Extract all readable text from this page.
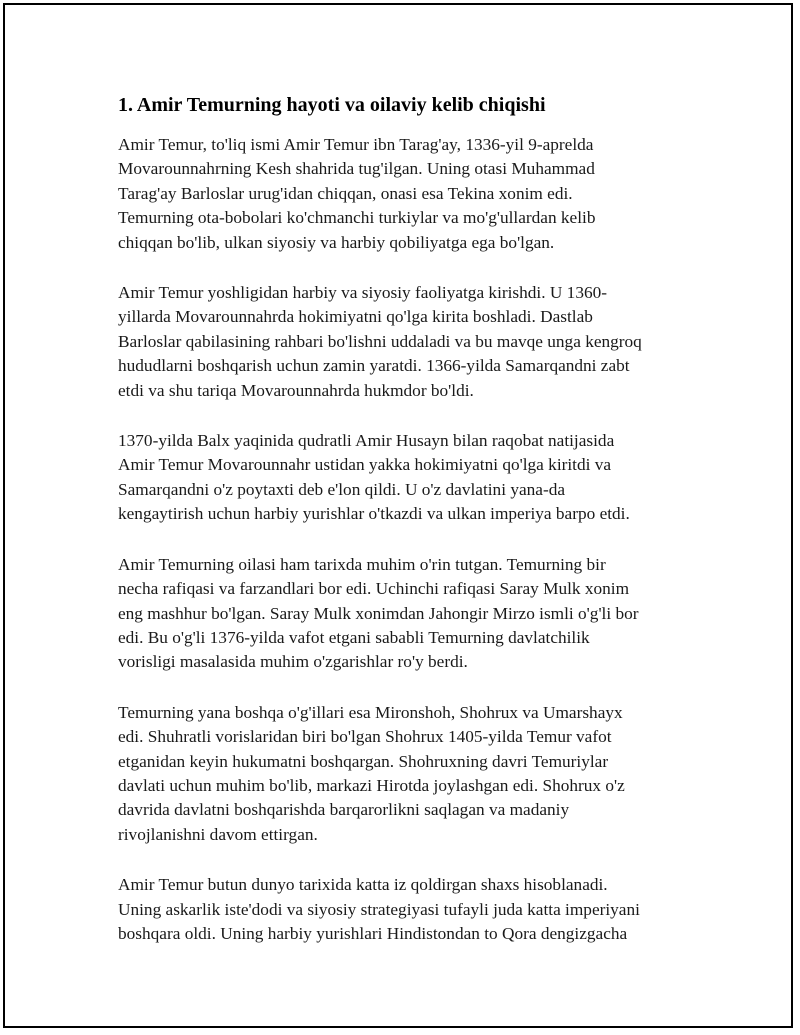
1. Amir Temurning hayoti va oilaviy kelib chiqishi

Amir Temur, to'liq ismi Amir Temur ibn Tarag'ay, 1336-yil 9-aprelda
Movarounnahrning Kesh shahrida tug'ilgan. Uning otasi Muhammad
Tarag'ay Barloslar urug'idan chiqqan, onasi esa Tekina xonim edi.
Temurning ota-bobolari ko'chmanchi turkiylar va mo'g'ullardan kelib
chiqqan bo'lib, ulkan siyosiy va harbiy qobiliyatga ega bo'lgan.

Amir Temur yoshligidan harbiy va siyosiy faoliyatga kirishdi. U 1360-
yillarda Movarounnahrda hokimiyatni qo'lga kirita boshladi. Dastlab
Barloslar qabilasining rahbari bo'lishni uddaladi va bu mavqe unga kengroq
hududlarni boshqarish uchun zamin yaratdi. 1366-yilda Samarqandni zabt
etdi va shu tariqa Movarounnahrda hukmdor bo'ldi.

1370-yilda Balx yaqinida qudratli Amir Husayn bilan raqobat natijasida
Amir Temur Movarounnahr ustidan yakka hokimiyatni qo'lga kiritdi va
Samarqandni o'z poytaxti deb e'lon qildi. U o'z davlatini yana-da
kengaytirish uchun harbiy yurishlar o'tkazdi va ulkan imperiya barpo etdi.

Amir Temurning oilasi ham tarixda muhim o'rin tutgan. Temurning bir
necha rafiqasi va farzandlari bor edi. Uchinchi rafiqasi Saray Mulk xonim
eng mashhur bo'lgan. Saray Mulk xonimdan Jahongir Mirzo ismli o'g'li bor
edi. Bu o'g'li 1376-yilda vafot etgani sababli Temurning davlatchilik
vorisligi masalasida muhim o'zgarishlar ro'y berdi.

Temurning yana boshqa o'g'illari esa Mironshoh, Shohrux va Umarshayx
edi. Shuhratli vorislaridan biri bo'lgan Shohrux 1405-yilda Temur vafot
etganidan keyin hukumatni boshqargan. Shohruxning davri Temuriylar
davlati uchun muhim bo'lib, markazi Hirotda joylashgan edi. Shohrux o'z
davrida davlatni boshqarishda barqarorlikni saqlagan va madaniy
rivojlanishni davom ettirgan.

Amir Temur butun dunyo tarixida katta iz qoldirgan shaxs hisoblanadi.
Uning askarlik iste'dodi va siyosiy strategiyasi tufayli juda katta imperiyani
boshqara oldi. Uning harbiy yurishlari Hindistondan to Qora dengizgacha
